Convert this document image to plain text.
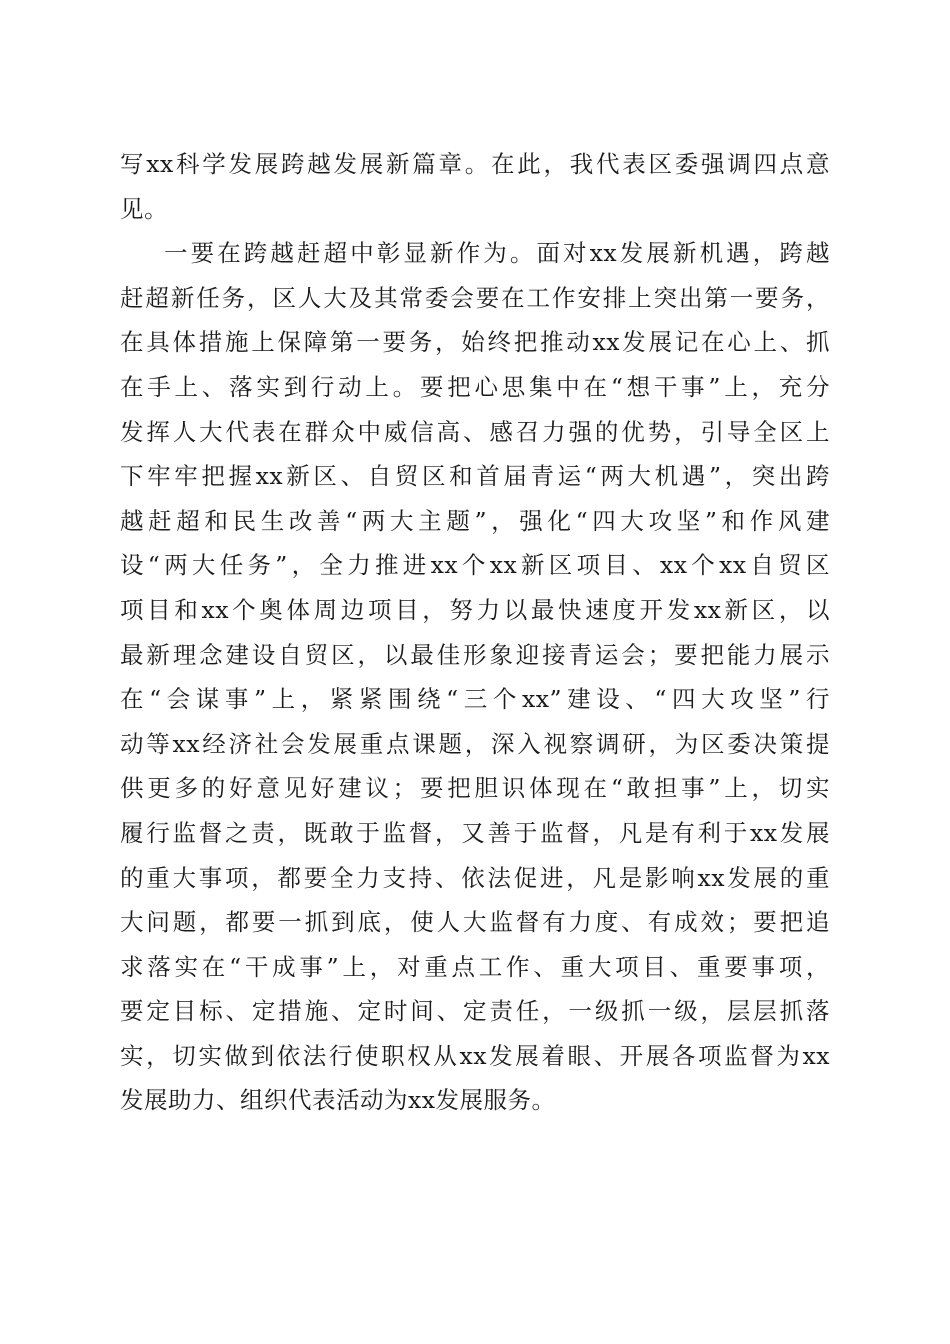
写xx科学发展跨越发展新篇章。在此，我代表区委强调四点意
见。
一要在跨越赶超中彰显新作为。面对xx发展新机遇，跨越
赶超新任务，区人大及其常委会要在工作安排上突出第一要务，
在具体措施上保障第一要务，始终把推动xx发展记在心上、抓
在手上、落实到行动上。要把心思集中在“想干事”上，充分
发挥人大代表在群众中威信高、感召力强的优势，引导全区上
下牢牢把握xx新区、自贸区和首届青运“两大机遇”，突出跨
越赶超和民生改善“两大主题”，强化“四大攻坚”和作风建
设“两大任务”，全力推进xx个xx新区项目、xx个xx自贸区
项目和xx个奥体周边项目，努力以最快速度开发xx新区，以
最新理念建设自贸区，以最佳形象迎接青运会；要把能力展示
在“会谋事”上，紧紧围绕“三个xx”建设、“四大攻坚”行
动等xx经济社会发展重点课题，深入视察调研，为区委决策提
供更多的好意见好建议；要把胆识体现在“敢担事”上，切实
履行监督之责，既敢于监督，又善于监督，凡是有利于xx发展
的重大事项，都要全力支持、依法促进，凡是影响xx发展的重
大问题，都要一抓到底，使人大监督有力度、有成效；要把追
求落实在“干成事”上，对重点工作、重大项目、重要事项，
要定目标、定措施、定时间、定责任，一级抓一级，层层抓落
实，切实做到依法行使职权从xx发展着眼、开展各项监督为xx
发展助力、组织代表活动为xx发展服务。
